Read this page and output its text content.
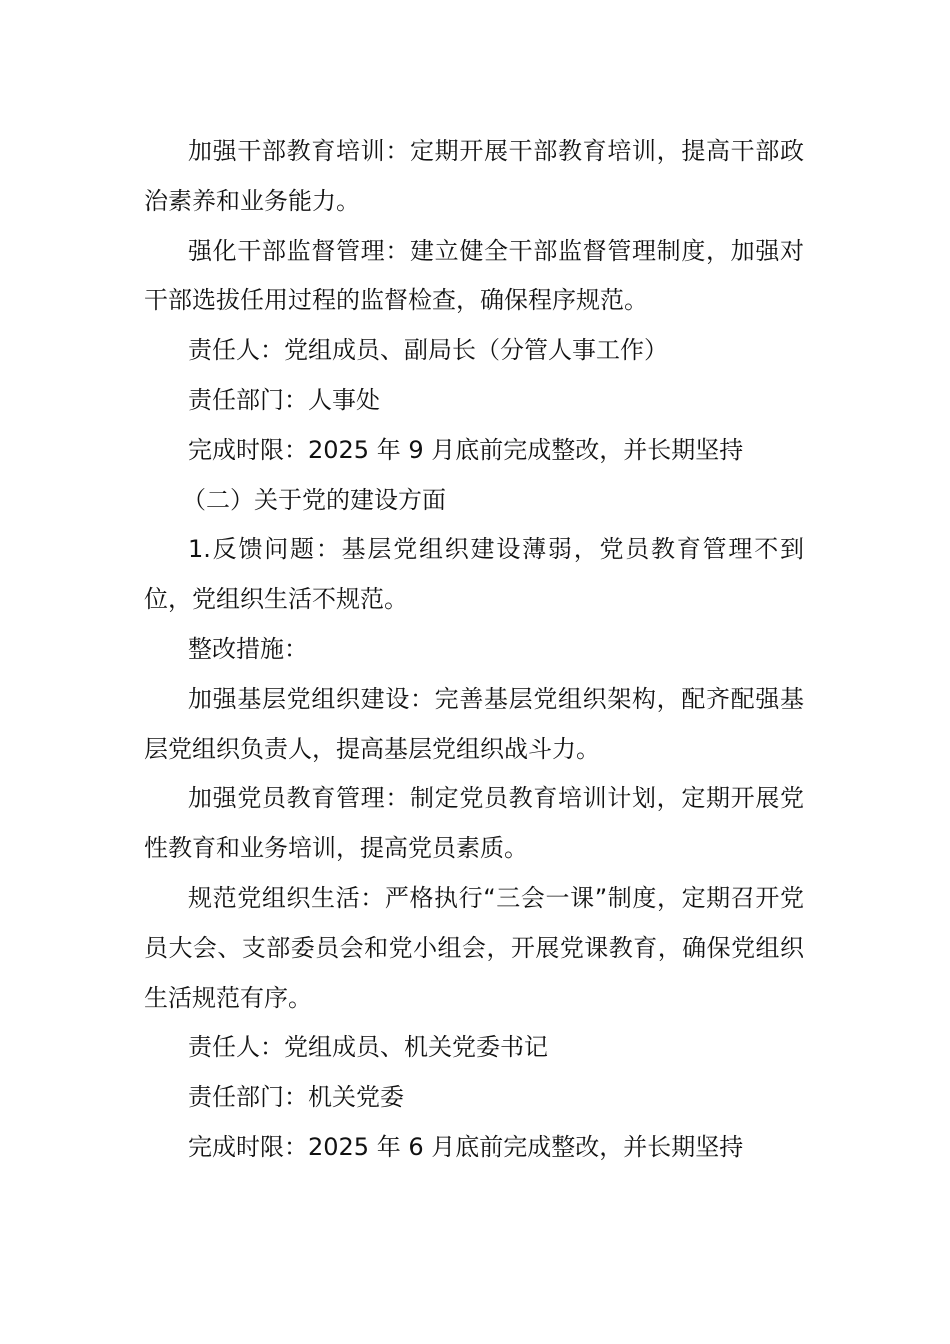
加强干部教育培训：定期开展干部教育培训，提高干部政治素养和业务能力。

强化干部监督管理：建立健全干部监督管理制度，加强对干部选拔任用过程的监督检查，确保程序规范。

责任人：党组成员、副局长（分管人事工作）

责任部门：人事处

完成时限：2025 年 9 月底前完成整改，并长期坚持

（二）关于党的建设方面

1.反馈问题：基层党组织建设薄弱，党员教育管理不到位，党组织生活不规范。

整改措施：

加强基层党组织建设：完善基层党组织架构，配齐配强基层党组织负责人，提高基层党组织战斗力。

加强党员教育管理：制定党员教育培训计划，定期开展党性教育和业务培训，提高党员素质。

规范党组织生活：严格执行“三会一课”制度，定期召开党员大会、支部委员会和党小组会，开展党课教育，确保党组织生活规范有序。

责任人：党组成员、机关党委书记

责任部门：机关党委

完成时限：2025 年 6 月底前完成整改，并长期坚持
